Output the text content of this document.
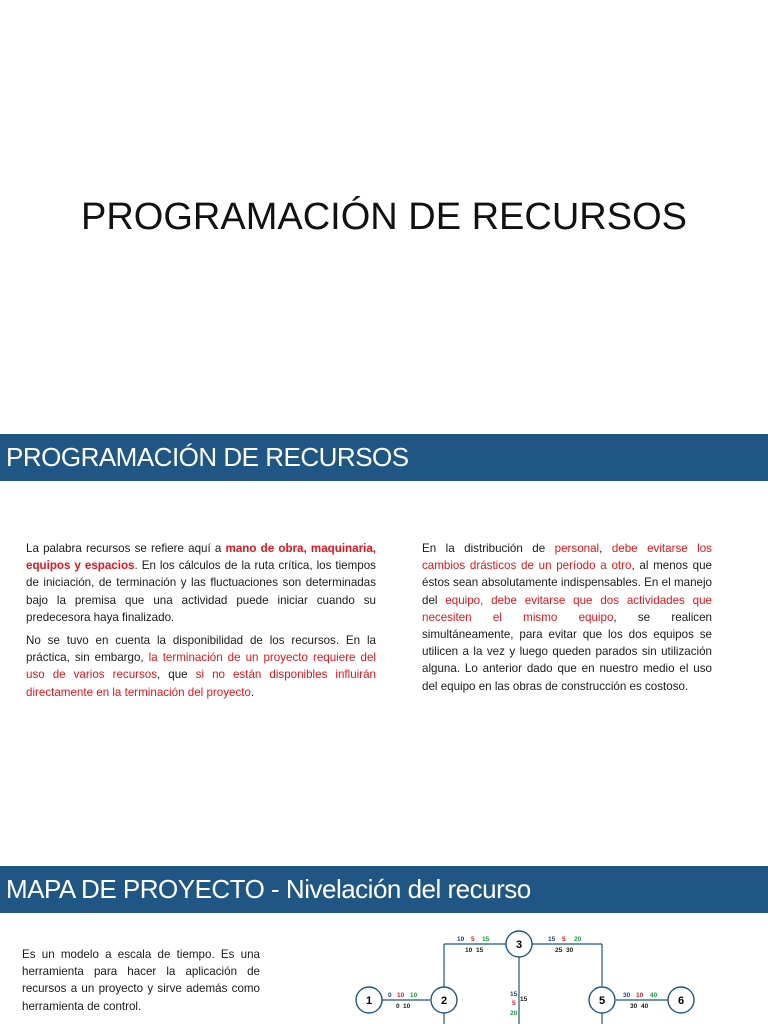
PROGRAMACIÓN DE RECURSOS
PROGRAMACIÓN DE RECURSOS

La palabra recursos se refiere aquí a mano de obra, maquinaria, equipos y espacios. En los cálculos de la ruta crítica, los tiempos de iniciación, de terminación y las fluctuaciones son determinadas bajo la premisa que una actividad puede iniciar cuando su predecesora haya finalizado.

No se tuvo en cuenta la disponibilidad de los recursos. En la práctica, sin embargo, la terminación de un proyecto requiere del uso de varios recursos, que si no están disponibles influirán directamente en la terminación del proyecto.

En la distribución de personal, debe evitarse los cambios drásticos de un período a otro, al menos que éstos sean absolutamente indispensables. En el manejo del equipo, debe evitarse que dos actividades que necesiten el mismo equipo, se realicen simultáneamente, para evitar que los dos equipos se utilicen a la vez y luego queden parados sin utilización alguna. Lo anterior dado que en nuestro medio el uso del equipo en las obras de construcción es costoso.

MAPA DE PROYECTO - Nivelación del recurso
Es un modelo a escala de tiempo. Es una herramienta para hacer la aplicación de recursos a un proyecto y sirve además como herramienta de control.	1	2
3
5	6
0 10 10
0 10
10 5 15
10 15
15 5 20
25 30
30 10 40
30 40
15
15
5
20
